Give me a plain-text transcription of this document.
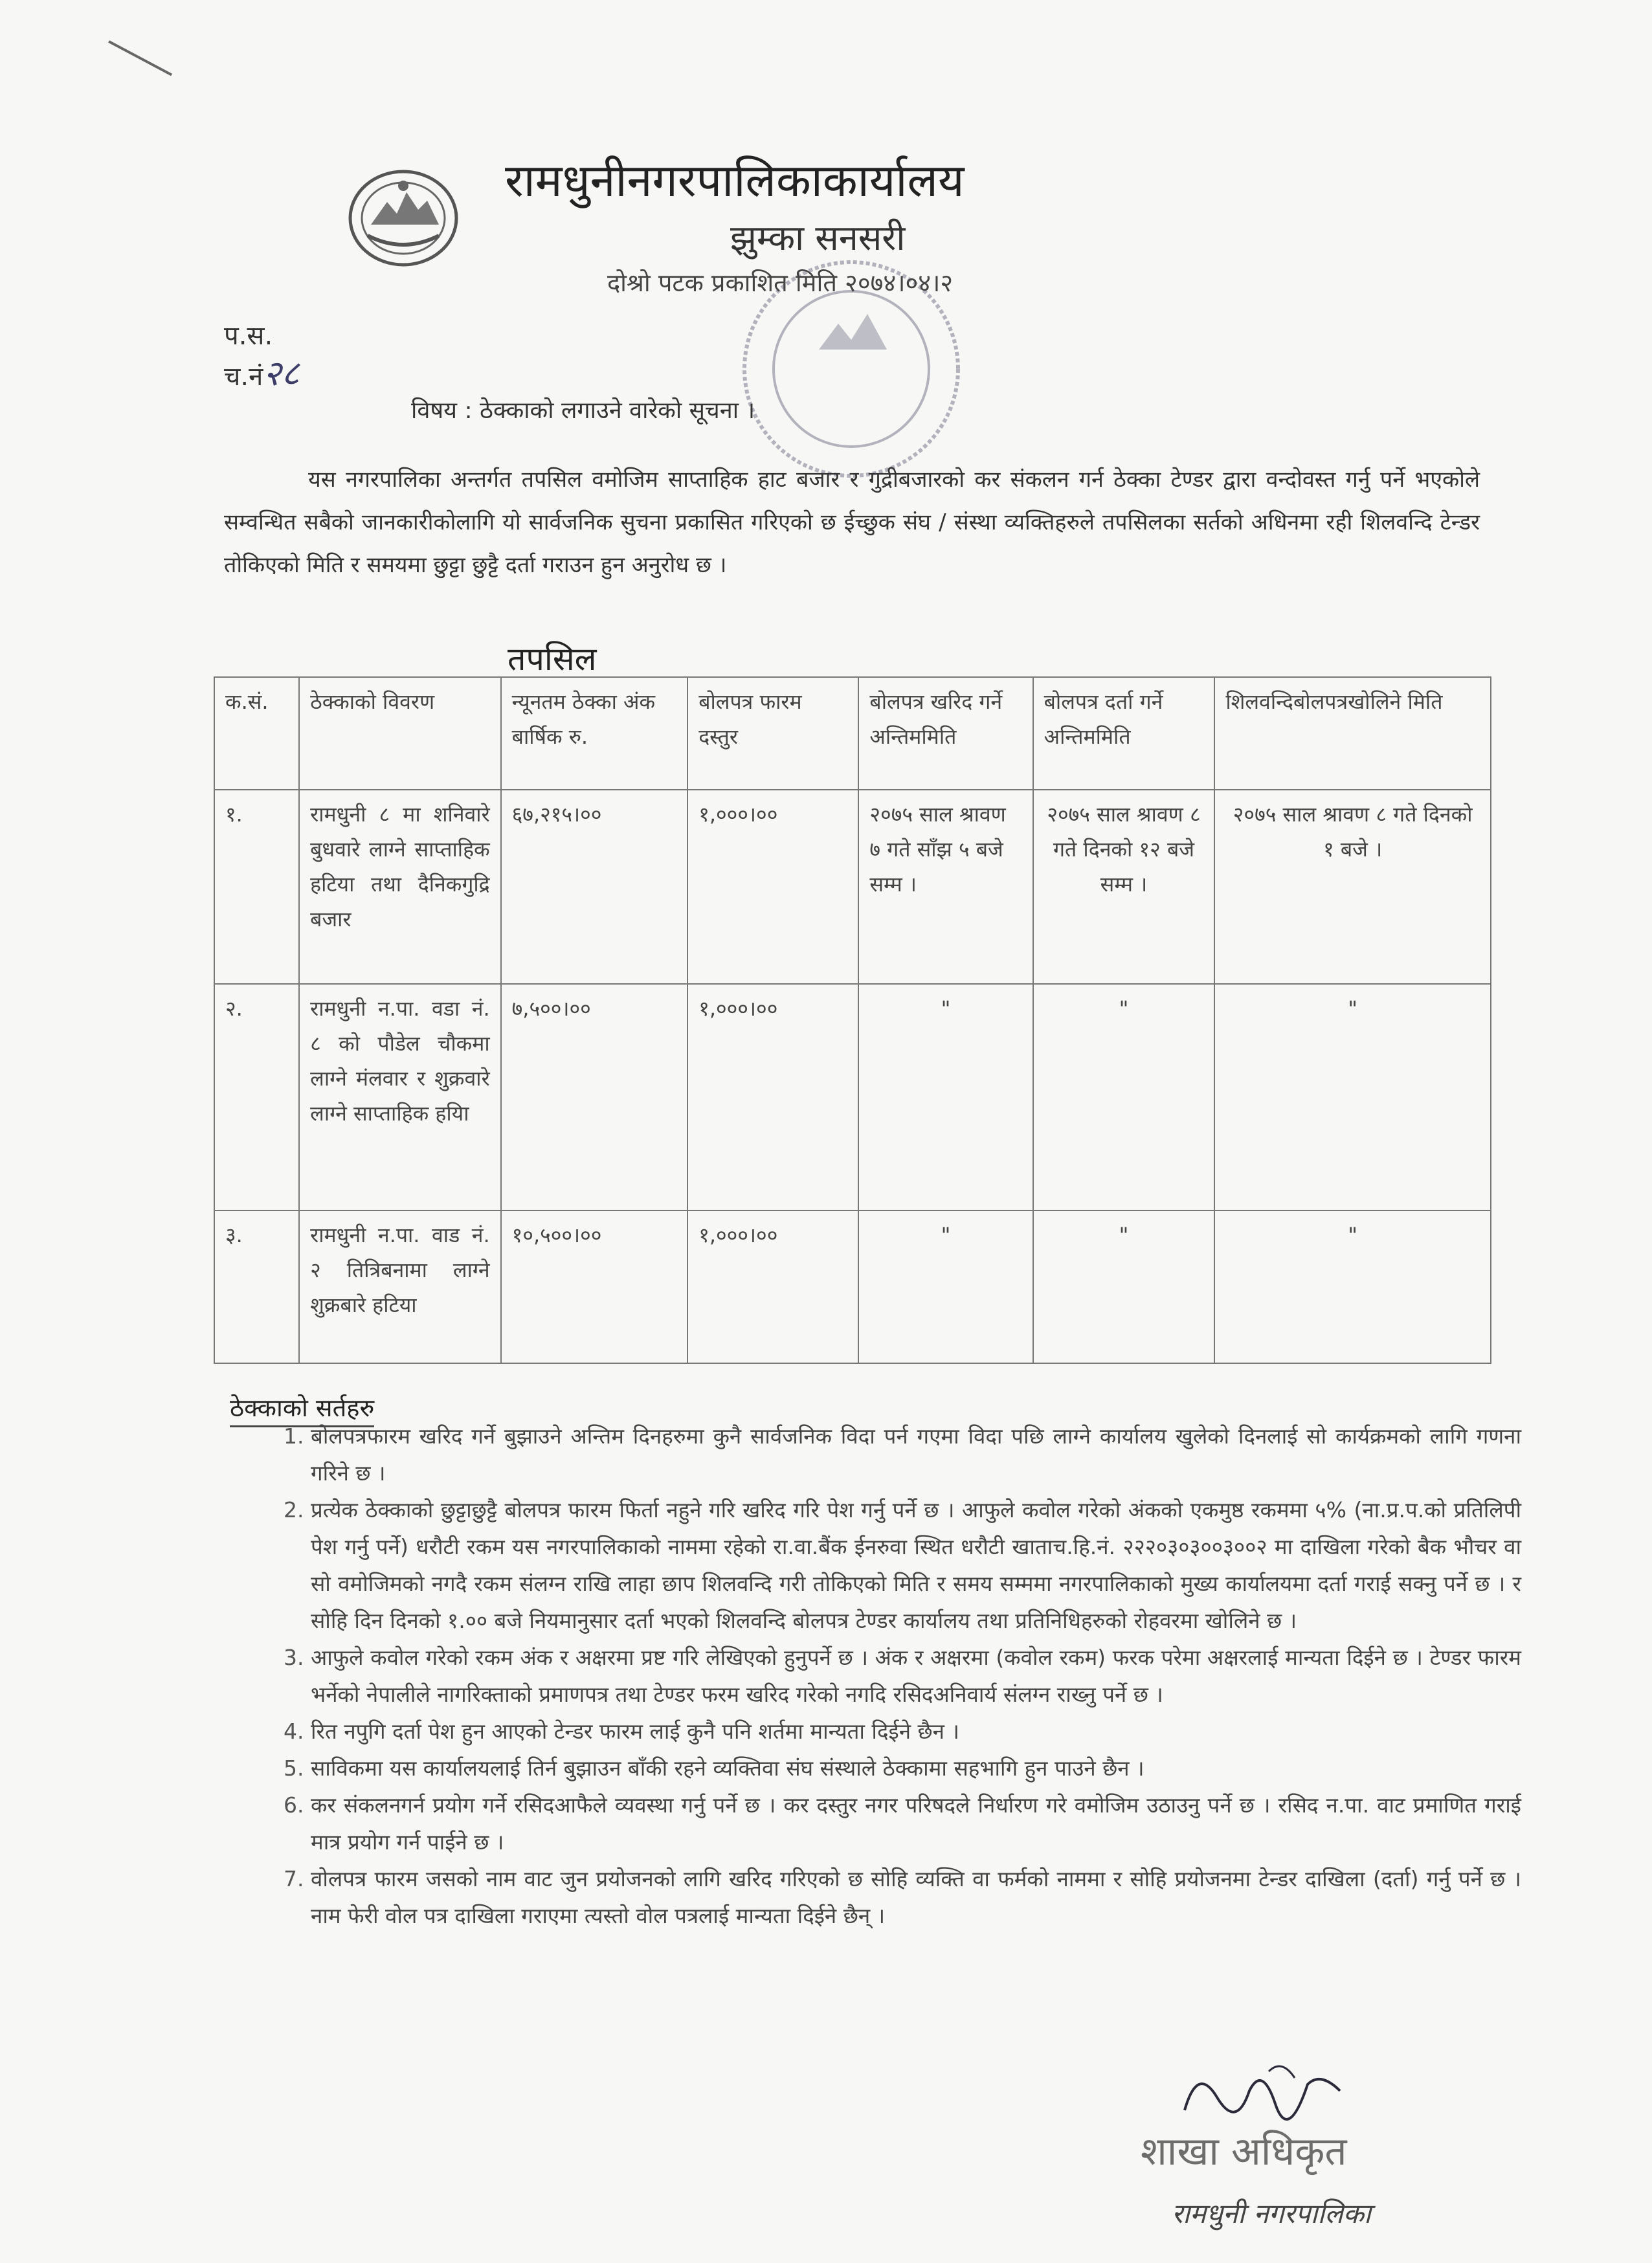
रामधुनीनगरपालिकाकार्यालय
झुम्का सनसरी
दोश्रो पटक प्रकाशित मिति २०७४।०४।२
प.स.
च.नं२८
विषय : ठेक्काको लगाउने वारेको सूचना ।
यस नगरपालिका अन्तर्गत तपसिल वमोजिम साप्ताहिक हाट बजार र गुद्रीबजारको कर संकलन गर्न ठेक्का टेण्डर द्वारा वन्दोवस्त गर्नु पर्ने भएकोले सम्वन्धित सबैको जानकारीकोलागि यो सार्वजनिक सुचना प्रकासित गरिएको छ ईच्छुक संघ / संस्था व्यक्तिहरुले तपसिलका सर्तको अधिनमा रही शिलवन्दि टेन्डर तोकिएको मिति र समयमा छुट्टा छुट्टै दर्ता गराउन हुन अनुरोध छ ।
तपसिल
क.सं.	ठेक्काको विवरण	न्यूनतम ठेक्का अंक बार्षिक रु.	बोलपत्र फारम दस्तुर	बोलपत्र खरिद गर्ने अन्तिममिति	बोलपत्र दर्ता गर्ने अन्तिममिति	शिलवन्दिबोलपत्रखोलिने मिति
१.	रामधुनी ८ मा शनिवारे बुधवारे लाग्ने साप्ताहिक हटिया तथा दैनिकगुद्रि बजार	६७,२१५।००	१,०००।००	२०७५ साल श्रावण ७ गते साँझ ५ बजे सम्म ।	२०७५ साल श्रावण ८ गते दिनको १२ बजे सम्म ।	२०७५ साल श्रावण ८ गते दिनको १ बजे ।
२.	रामधुनी न.पा. वडा नं. ८ को पौडेल चौकमा लाग्ने मंलवार र शुक्रवारे लाग्ने साप्ताहिक हयिा	७,५००।००	१,०००।००	"	"	"
३.	रामधुनी न.पा. वाड नं. २ तित्रिबनामा लाग्ने शुक्रबारे हटिया	१०,५००।००	१,०००।००	"	"	"
ठेक्काको सर्तहरु
1. बोलपत्रफारम खरिद गर्ने बुझाउने अन्तिम दिनहरुमा कुनै सार्वजनिक विदा पर्न गएमा विदा पछि लाग्ने कार्यालय खुलेको दिनलाई सो कार्यक्रमको लागि गणना गरिने छ ।
2. प्रत्येक ठेक्काको छुट्टाछुट्टै बोलपत्र फारम फिर्ता नहुने गरि खरिद गरि पेश गर्नु पर्ने छ । आफुले कवोल गरेको अंकको एकमुष्ठ रकममा ५% (ना.प्र.प.को प्रतिलिपी पेश गर्नु पर्ने) धरौटी रकम यस नगरपालिकाको नाममा रहेको रा.वा.बैंक ईनरुवा स्थित धरौटी खाताच.हि.नं. २२२०३०३००३००२ मा दाखिला गरेको बैक भौचर वा सो वमोजिमको नगदै रकम संलग्न राखि लाहा छाप शिलवन्दि गरी तोकिएको मिति र समय सम्ममा नगरपालिकाको मुख्य कार्यालयमा दर्ता गराई सक्नु पर्ने छ । र सोहि दिन दिनको १.०० बजे नियमानुसार दर्ता भएको शिलवन्दि बोलपत्र टेण्डर कार्यालय तथा प्रतिनिधिहरुको रोहवरमा खोलिने छ ।
3. आफुले कवोल गरेको रकम अंक र अक्षरमा प्रष्ट गरि लेखिएको हुनुपर्ने छ । अंक र अक्षरमा (कवोल रकम) फरक परेमा अक्षरलाई मान्यता दिईने छ । टेण्डर फारम भर्नेको नेपालीले नागरिक्ताको प्रमाणपत्र तथा टेण्डर फरम खरिद गरेको नगदि रसिदअनिवार्य संलग्न राख्नु पर्ने छ ।
4. रित नपुगि दर्ता पेश हुन आएको टेन्डर फारम लाई कुनै पनि शर्तमा मान्यता दिईने छैन ।
5. साविकमा यस कार्यालयलाई तिर्न बुझाउन बाँकी रहने व्यक्तिवा संघ संस्थाले ठेक्कामा सहभागि हुन पाउने छैन ।
6. कर संकलनगर्न प्रयोग गर्ने रसिदआफैले व्यवस्था गर्नु पर्ने छ । कर दस्तुर नगर परिषदले निर्धारण गरे वमोजिम उठाउनु पर्ने छ । रसिद न.पा. वाट प्रमाणित गराई मात्र प्रयोग गर्न पाईने छ ।
7. वोलपत्र फारम जसको नाम वाट जुन प्रयोजनको लागि खरिद गरिएको छ सोहि व्यक्ति वा फर्मको नाममा र सोहि प्रयोजनमा टेन्डर दाखिला (दर्ता) गर्नु पर्ने छ । नाम फेरी वोल पत्र दाखिला गराएमा त्यस्तो वोल पत्रलाई मान्यता दिईने छैन् ।
शाखा अधिकृत
रामधुनी नगरपालिका
